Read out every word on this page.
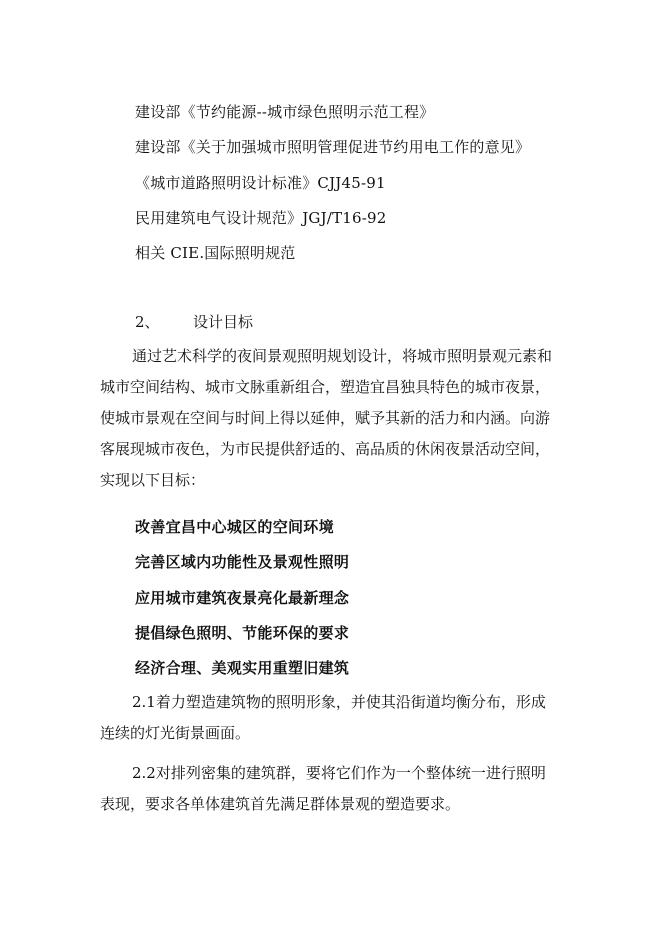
建设部《节约能源--城市绿色照明示范工程》
建设部《关于加强城市照明管理促进节约用电工作的意见》
《城市道路照明设计标准》CJJ45-91
民用建筑电气设计规范》JGJ/T16-92
相关 CIE.国际照明规范
2、 设计目标
通过艺术科学的夜间景观照明规划设计，将城市照明景观元素和
城市空间结构、城市文脉重新组合，塑造宜昌独具特色的城市夜景，
使城市景观在空间与时间上得以延伸，赋予其新的活力和内涵。向游
客展现城市夜色，为市民提供舒适的、高品质的休闲夜景活动空间，
实现以下目标：
改善宜昌中心城区的空间环境
完善区域内功能性及景观性照明
应用城市建筑夜景亮化最新理念
提倡绿色照明、节能环保的要求
经济合理、美观实用重塑旧建筑
2.1着力塑造建筑物的照明形象，并使其沿街道均衡分布，形成
连续的灯光街景画面。
2.2对排列密集的建筑群，要将它们作为一个整体统一进行照明
表现，要求各单体建筑首先满足群体景观的塑造要求。
